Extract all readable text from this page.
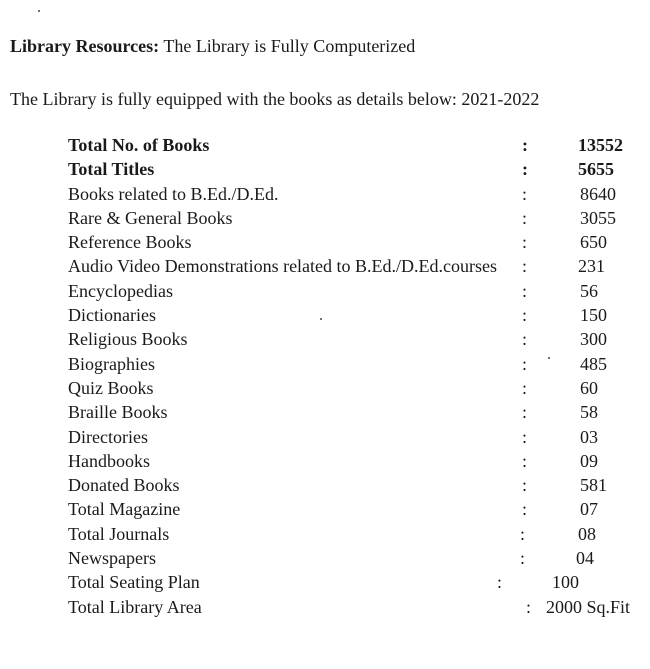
Library Resources: The Library is Fully Computerized
The Library is fully equipped with the books as details below: 2021-2022
Total No. of Books	:	13552
Total Titles	:	5655
Books related to B.Ed./D.Ed.	:	8640
Rare & General Books	:	3055
Reference Books	:	650
Audio Video Demonstrations related to B.Ed./D.Ed.courses :	231
Encyclopedias	:	56
Dictionaries	:	150
Religious Books	:	300
Biographies	:	485
Quiz Books	:	60
Braille Books	:	58
Directories	:	03
Handbooks	:	09
Donated Books	:	581
Total Magazine	:	07
Total Journals	:	08
Newspapers	:	04
Total Seating Plan	:	100
Total Library Area	: 2000 Sq.Fit
